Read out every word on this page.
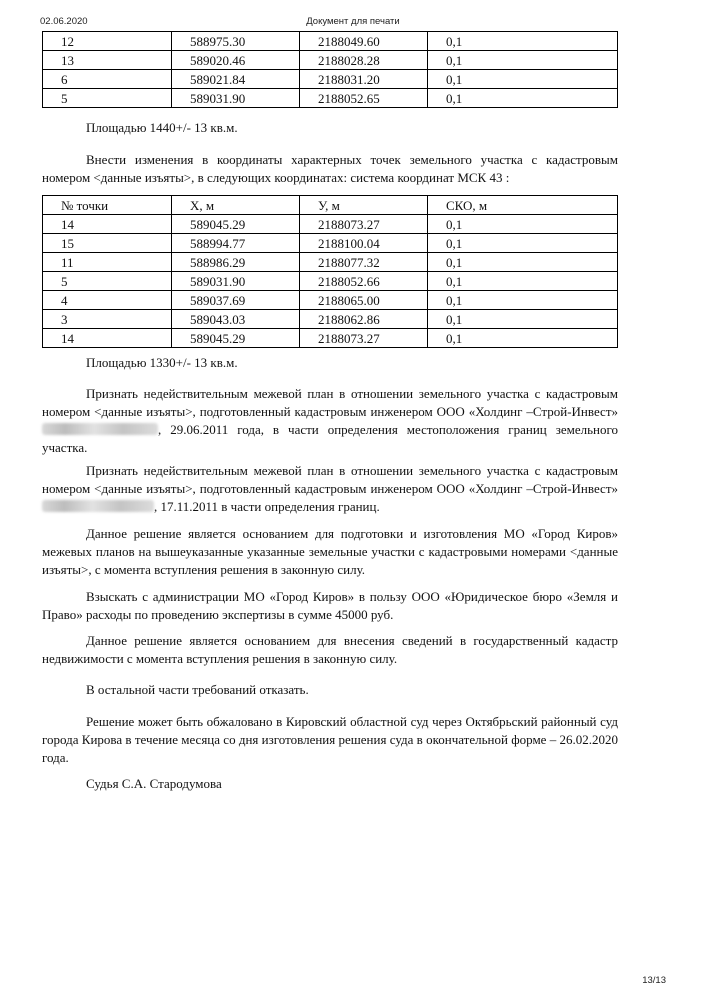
02.06.2020	Документ для печати
12	588975.30	2188049.60	0,1
13	589020.46	2188028.28	0,1
6	589021.84	2188031.20	0,1
5	589031.90	2188052.65	0,1

Площадью 1440+/- 13 кв.м.

Внести изменения в координаты характерных точек земельного участка с кадастровым номером <данные изъяты>, в следующих координатах: система координат МСК 43 :

№ точки	Х, м	У, м	СКО, м
14	589045.29	2188073.27	0,1
15	588994.77	2188100.04	0,1
11	588986.29	2188077.32	0,1
5	589031.90	2188052.66	0,1
4	589037.69	2188065.00	0,1
3	589043.03	2188062.86	0,1
14	589045.29	2188073.27	0,1

Площадью 1330+/- 13 кв.м.

Признать недействительным межевой план в отношении земельного участка с кадастровым номером <данные изъяты>, подготовленный кадастровым инженером ООО «Холдинг –Строй-Инвест» , 29.06.2011 года, в части определения местоположения границ земельного участка.

Признать недействительным межевой план в отношении земельного участка с кадастровым номером <данные изъяты>, подготовленный кадастровым инженером ООО «Холдинг –Строй-Инвест» , 17.11.2011 в части определения границ.

Данное решение является основанием для подготовки и изготовления МО «Город Киров» межевых планов на вышеуказанные указанные земельные участки с кадастровыми номерами <данные изъяты>, с момента вступления решения в законную силу.

Взыскать с администрации МО «Город Киров» в пользу ООО «Юридическое бюро «Земля и Право» расходы по проведению экспертизы в сумме 45000 руб.

Данное решение является основанием для внесения сведений в государственный кадастр недвижимости с момента вступления решения в законную силу.

В остальной части требований отказать.

Решение может быть обжаловано в Кировский областной суд через Октябрьский районный суд города Кирова в течение месяца со дня изготовления решения суда в окончательной форме – 26.02.2020 года.

Судья С.А. Стародумова

13/13
